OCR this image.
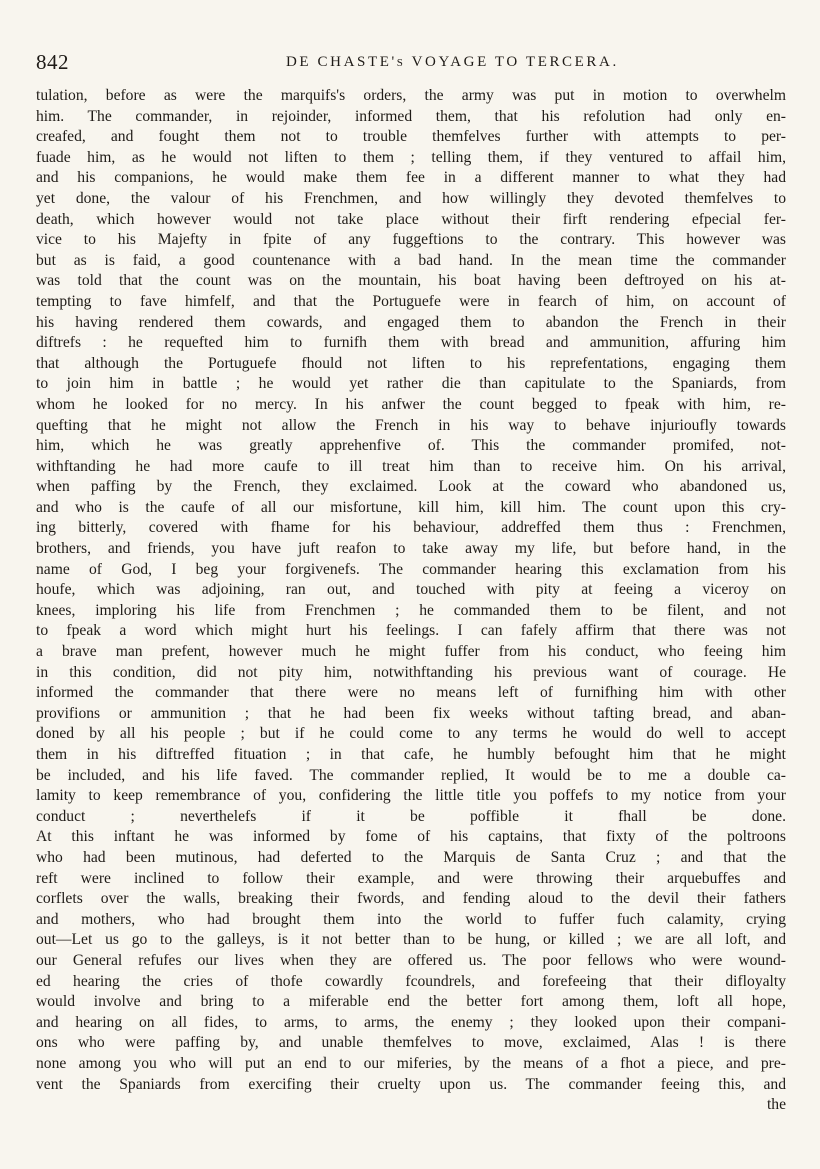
842	DE CHASTE's VOYAGE TO TERCERA.
tulation, before as were the marquifs's orders, the army was put in motion to overwhelm
him. The commander, in rejoinder, informed them, that his refolution had only en-
creafed, and fought them not to trouble themfelves further with attempts to per-
fuade him, as he would not liften to them ; telling them, if they ventured to affail him,
and his companions, he would make them fee in a different manner to what they had
yet done, the valour of his Frenchmen, and how willingly they devoted themfelves to
death, which however would not take place without their firft rendering efpecial fer-
vice to his Majefty in fpite of any fuggeftions to the contrary. This however was
but as is faid, a good countenance with a bad hand. In the mean time the commander
was told that the count was on the mountain, his boat having been deftroyed on his at-
tempting to fave himfelf, and that the Portuguefe were in fearch of him, on account of
his having rendered them cowards, and engaged them to abandon the French in their
diftrefs : he requefted him to furnifh them with bread and ammunition, affuring him
that although the Portuguefe fhould not liften to his reprefentations, engaging them
to join him in battle ; he would yet rather die than capitulate to the Spaniards, from
whom he looked for no mercy. In his anfwer the count begged to fpeak with him, re-
quefting that he might not allow the French in his way to behave injurioufly towards
him, which he was greatly apprehenfive of. This the commander promifed, not-
withftanding he had more caufe to ill treat him than to receive him. On his arrival,
when paffing by the French, they exclaimed. Look at the coward who abandoned us,
and who is the caufe of all our misfortune, kill him, kill him. The count upon this cry-
ing bitterly, covered with fhame for his behaviour, addreffed them thus : Frenchmen,
brothers, and friends, you have juft reafon to take away my life, but before hand, in the
name of God, I beg your forgivenefs. The commander hearing this exclamation from his
houfe, which was adjoining, ran out, and touched with pity at feeing a viceroy on
knees, imploring his life from Frenchmen ; he commanded them to be filent, and not
to fpeak a word which might hurt his feelings. I can fafely affirm that there was not
a brave man prefent, however much he might fuffer from his conduct, who feeing him
in this condition, did not pity him, notwithftanding his previous want of courage. He
informed the commander that there were no means left of furnifhing him with other
provifions or ammunition ; that he had been fix weeks without tafting bread, and aban-
doned by all his people ; but if he could come to any terms he would do well to accept
them in his diftreffed fituation ; in that cafe, he humbly befought him that he might
be included, and his life faved. The commander replied, It would be to me a double ca-
lamity to keep remembrance of you, confidering the little title you poffefs to my notice from your
conduct ; neverthelefs if it be poffible it fhall be done.
At this inftant he was informed by fome of his captains, that fixty of the poltroons
who had been mutinous, had deferted to the Marquis de Santa Cruz ; and that the
reft were inclined to follow their example, and were throwing their arquebuffes and
corflets over the walls, breaking their fwords, and fending aloud to the devil their fathers
and mothers, who had brought them into the world to fuffer fuch calamity, crying
out—Let us go to the galleys, is it not better than to be hung, or killed ; we are all loft, and
our General refufes our lives when they are offered us. The poor fellows who were wound-
ed hearing the cries of thofe cowardly fcoundrels, and forefeeing that their difloyalty
would involve and bring to a miferable end the better fort among them, loft all hope,
and hearing on all fides, to arms, to arms, the enemy ; they looked upon their compani-
ons who were paffing by, and unable themfelves to move, exclaimed, Alas ! is there
none among you who will put an end to our miferies, by the means of a fhot a piece, and pre-
vent the Spaniards from exercifing their cruelty upon us. The commander feeing this, and
the
